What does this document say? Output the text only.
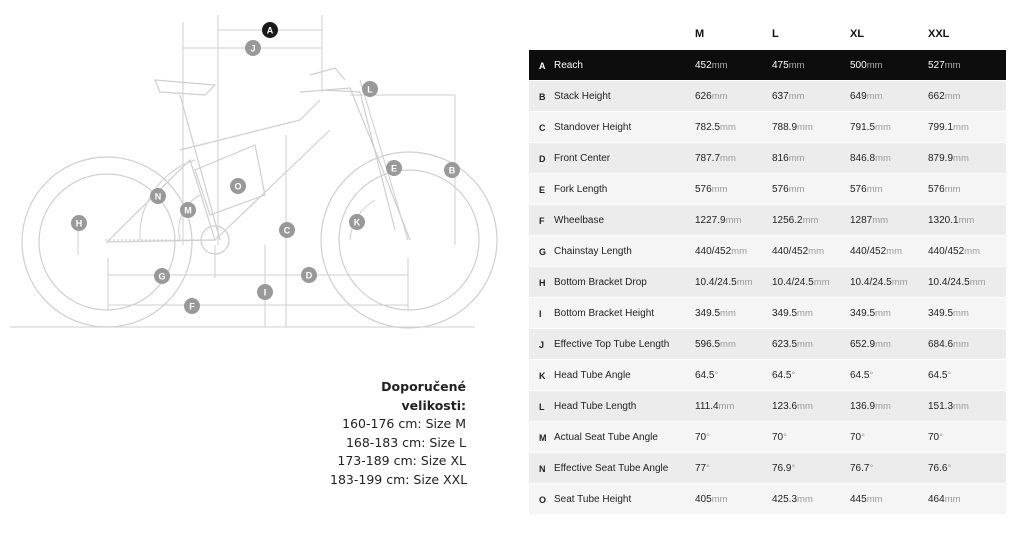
A
B
C
D
E
F
G
H
I
J
K
L
M
N
O
Doporučené velikosti:
160-176 cm: Size M
168-183 cm: Size L
173-189 cm: Size XL
183-199 cm: Size XXL
M	L	XL	XXL
A Reach	452mm	475mm	500mm	527mm
B Stack Height	626mm	637mm	649mm	662mm
C Standover Height	782.5mm	788.9mm	791.5mm	799.1mm
D Front Center	787.7mm	816mm	846.8mm	879.9mm
E Fork Length	576mm	576mm	576mm	576mm
F Wheelbase	1227.9mm	1256.2mm	1287mm	1320.1mm
G Chainstay Length	440/452mm	440/452mm	440/452mm	440/452mm
H Bottom Bracket Drop	10.4/24.5mm 10.4/24.5mm 10.4/24.5mm 10.4/24.5mm
I Bottom Bracket Height	349.5mm	349.5mm	349.5mm	349.5mm
J Effective Top Tube Length	596.5mm	623.5mm	652.9mm	684.6mm
K Head Tube Angle	64.5°	64.5°	64.5°	64.5°
L Head Tube Length	111.4mm	123.6mm	136.9mm	151.3mm
M Actual Seat Tube Angle	70°	70°	70°	70°
N Effective Seat Tube Angle	77°	76.9°	76.7°	76.6°
O Seat Tube Height	405mm	425.3mm	445mm	464mm
